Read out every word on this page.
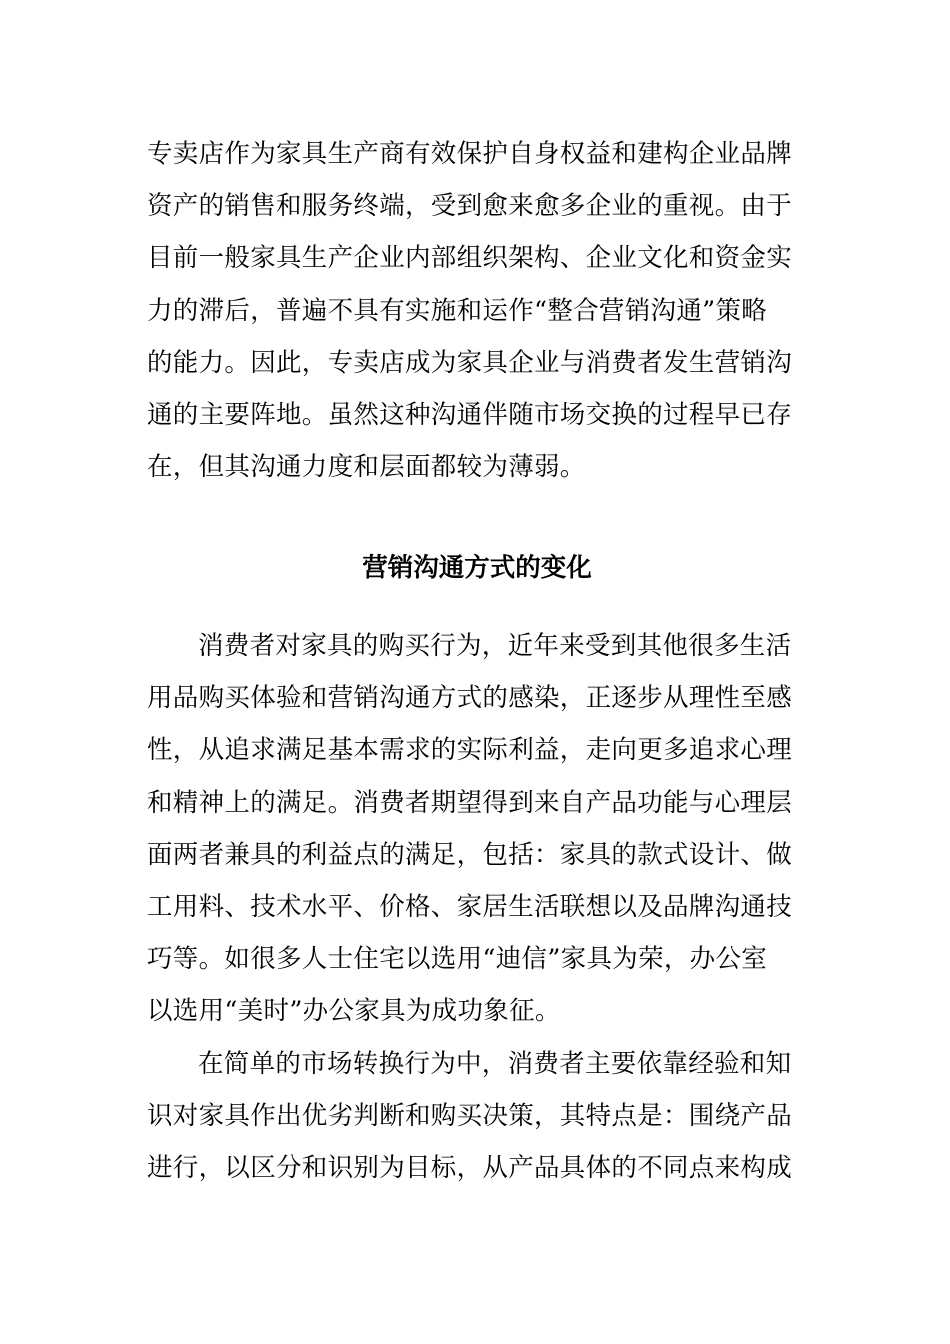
专卖店作为家具生产商有效保护自身权益和建构企业品牌
资产的销售和服务终端，受到愈来愈多企业的重视。由于
目前一般家具生产企业内部组织架构、企业文化和资金实
力的滞后，普遍不具有实施和运作“整合营销沟通”策略
的能力。因此，专卖店成为家具企业与消费者发生营销沟
通的主要阵地。虽然这种沟通伴随市场交换的过程早已存
在，但其沟通力度和层面都较为薄弱。

营销沟通方式的变化

消费者对家具的购买行为，近年来受到其他很多生活
用品购买体验和营销沟通方式的感染，正逐步从理性至感
性，从追求满足基本需求的实际利益，走向更多追求心理
和精神上的满足。消费者期望得到来自产品功能与心理层
面两者兼具的利益点的满足，包括：家具的款式设计、做
工用料、技术水平、价格、家居生活联想以及品牌沟通技
巧等。如很多人士住宅以选用“迪信”家具为荣，办公室
以选用“美时”办公家具为成功象征。

在简单的市场转换行为中，消费者主要依靠经验和知
识对家具作出优劣判断和购买决策，其特点是：围绕产品
进行，以区分和识别为目标，从产品具体的不同点来构成
